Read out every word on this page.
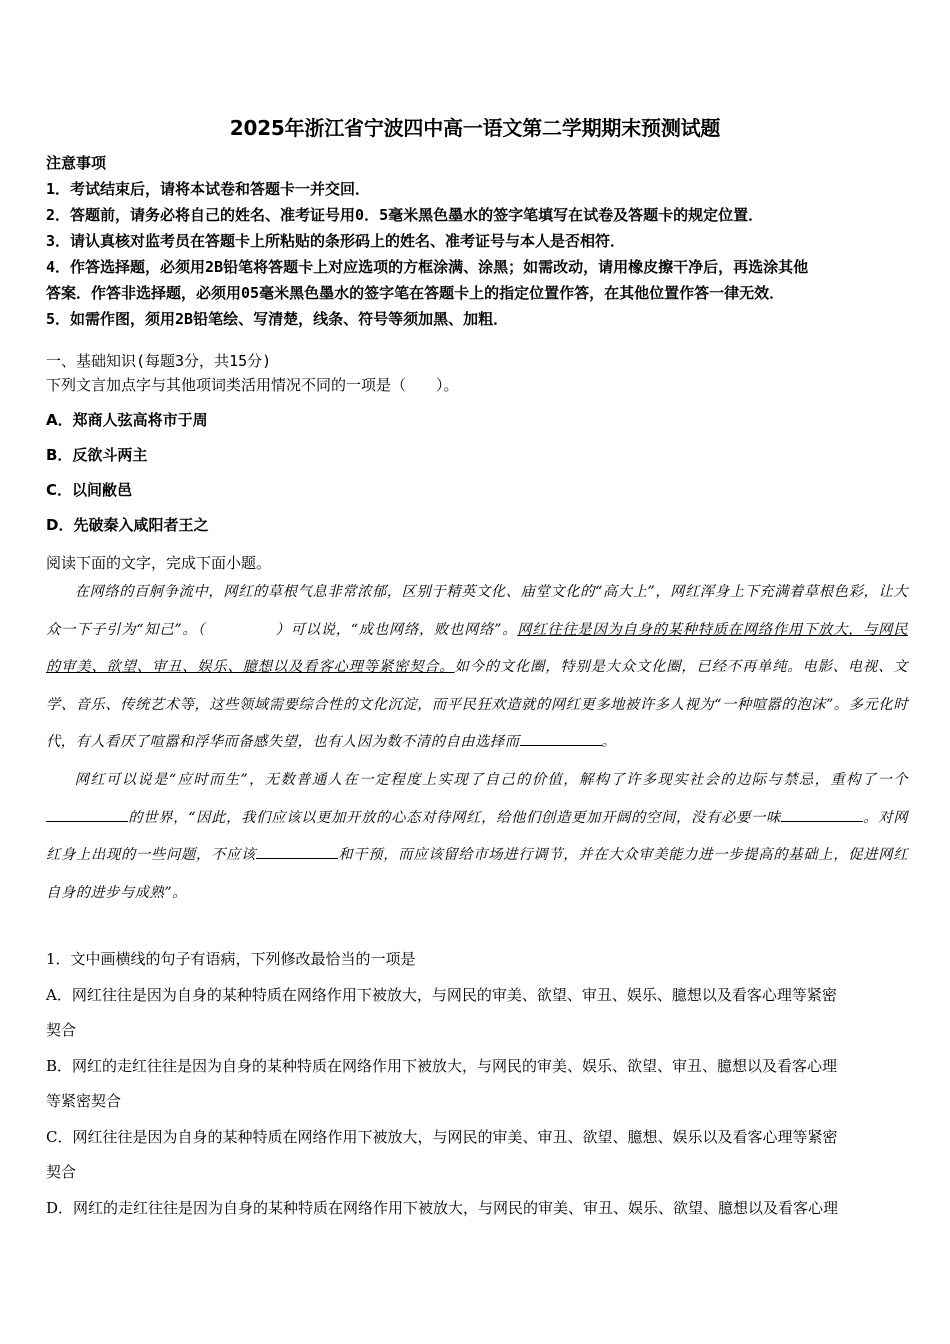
2025年浙江省宁波四中高一语文第二学期期末预测试题
注意事项
1．考试结束后，请将本试卷和答题卡一并交回．
2．答题前，请务必将自己的姓名、准考证号用0．5毫米黑色墨水的签字笔填写在试卷及答题卡的规定位置．
3．请认真核对监考员在答题卡上所粘贴的条形码上的姓名、准考证号与本人是否相符．
4．作答选择题，必须用2B铅笔将答题卡上对应选项的方框涂满、涂黑；如需改动，请用橡皮擦干净后，再选涂其他
答案．作答非选择题，必须用05毫米黑色墨水的签字笔在答题卡上的指定位置作答，在其他位置作答一律无效．
5．如需作图，须用2B铅笔绘、写清楚，线条、符号等须加黑、加粗．
一、基础知识(每题3分，共15分)
下列文言加点字与其他项词类活用情况不同的一项是（　　）。
A．郑商人弦高将市于周
B．反欲斗两主
C．以间敝邑
D．先破秦入咸阳者王之
阅读下面的文字，完成下面小题。

在网络的百舸争流中，网红的草根气息非常浓郁，区别于精英文化、庙堂文化的“高大上”，网红浑身上下充满着草根色彩，让大众一下子引为“知己”。（	）可以说，“成也网络，败也网络”。网红往往是因为自身的某种特质在网络作用下放大，与网民的审美、欲望、审丑、娱乐、臆想以及看客心理等紧密契合。如今的文化圈，特别是大众文化圈，已经不再单纯。电影、电视、文学、音乐、传统艺术等，这些领域需要综合性的文化沉淀，而平民狂欢造就的网红更多地被许多人视为“一种喧嚣的泡沫”。多元化时代，有人看厌了喧嚣和浮华而备感失望，也有人因为数不清的自由选择而	。

网红可以说是“应时而生”，无数普通人在一定程度上实现了自己的价值，解构了许多现实社会的边际与禁忌，重构了一个的世界，“因此，我们应该以更加开放的心态对待网红，给他们创造更加开阔的空间，没有必要一味	。对网红身上出现的一些问题，不应该	和干预，而应该留给市场进行调节，并在大众审美能力进一步提高的基础上，促进网红自身的进步与成熟”。

1．文中画横线的句子有语病，下列修改最恰当的一项是
A．网红往往是因为自身的某种特质在网络作用下被放大，与网民的审美、欲望、审丑、娱乐、臆想以及看客心理等紧密
契合
B．网红的走红往往是因为自身的某种特质在网络作用下被放大，与网民的审美、娱乐、欲望、审丑、臆想以及看客心理
等紧密契合
C．网红往往是因为自身的某种特质在网络作用下被放大，与网民的审美、审丑、欲望、臆想、娱乐以及看客心理等紧密
契合
D．网红的走红往往是因为自身的某种特质在网络作用下被放大，与网民的审美、审丑、娱乐、欲望、臆想以及看客心理
